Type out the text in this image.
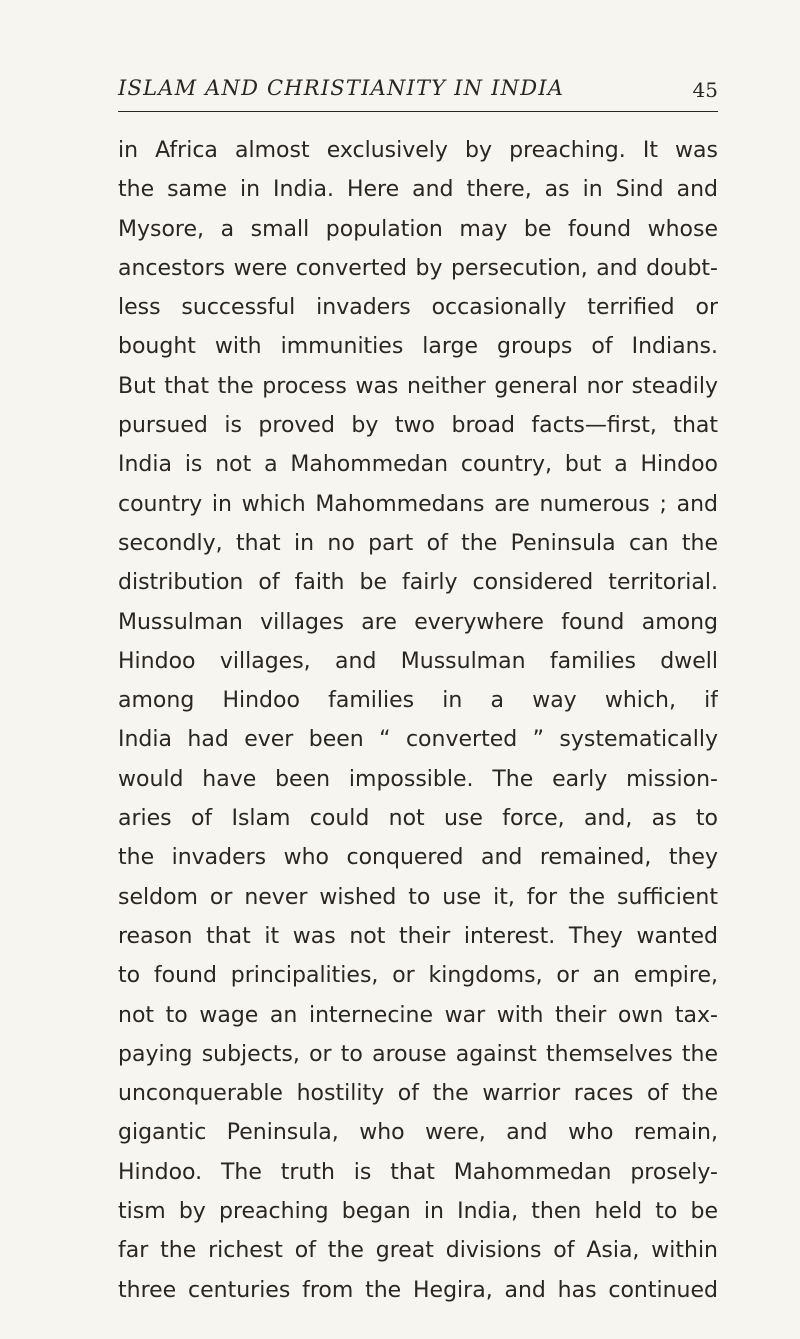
ISLAM AND CHRISTIANITY IN INDIA	45
in Africa almost exclusively by preaching. It was
the same in India. Here and there, as in Sind and
Mysore, a small population may be found whose
ancestors were converted by persecution, and doubt-
less successful invaders occasionally terrified or
bought with immunities large groups of Indians.
But that the process was neither general nor steadily
pursued is proved by two broad facts—first, that
India is not a Mahommedan country, but a Hindoo
country in which Mahommedans are numerous ; and
secondly, that in no part of the Peninsula can the
distribution of faith be fairly considered territorial.
Mussulman villages are everywhere found among
Hindoo villages, and Mussulman families dwell
among Hindoo families in a way which, if
India had ever been “ converted ” systematically
would have been impossible. The early mission-
aries of Islam could not use force, and, as to
the invaders who conquered and remained, they
seldom or never wished to use it, for the sufficient
reason that it was not their interest. They wanted
to found principalities, or kingdoms, or an empire,
not to wage an internecine war with their own tax-
paying subjects, or to arouse against themselves the
unconquerable hostility of the warrior races of the
gigantic Peninsula, who were, and who remain,
Hindoo. The truth is that Mahommedan prosely-
tism by preaching began in India, then held to be
far the richest of the great divisions of Asia, within
three centuries from the Hegira, and has continued
